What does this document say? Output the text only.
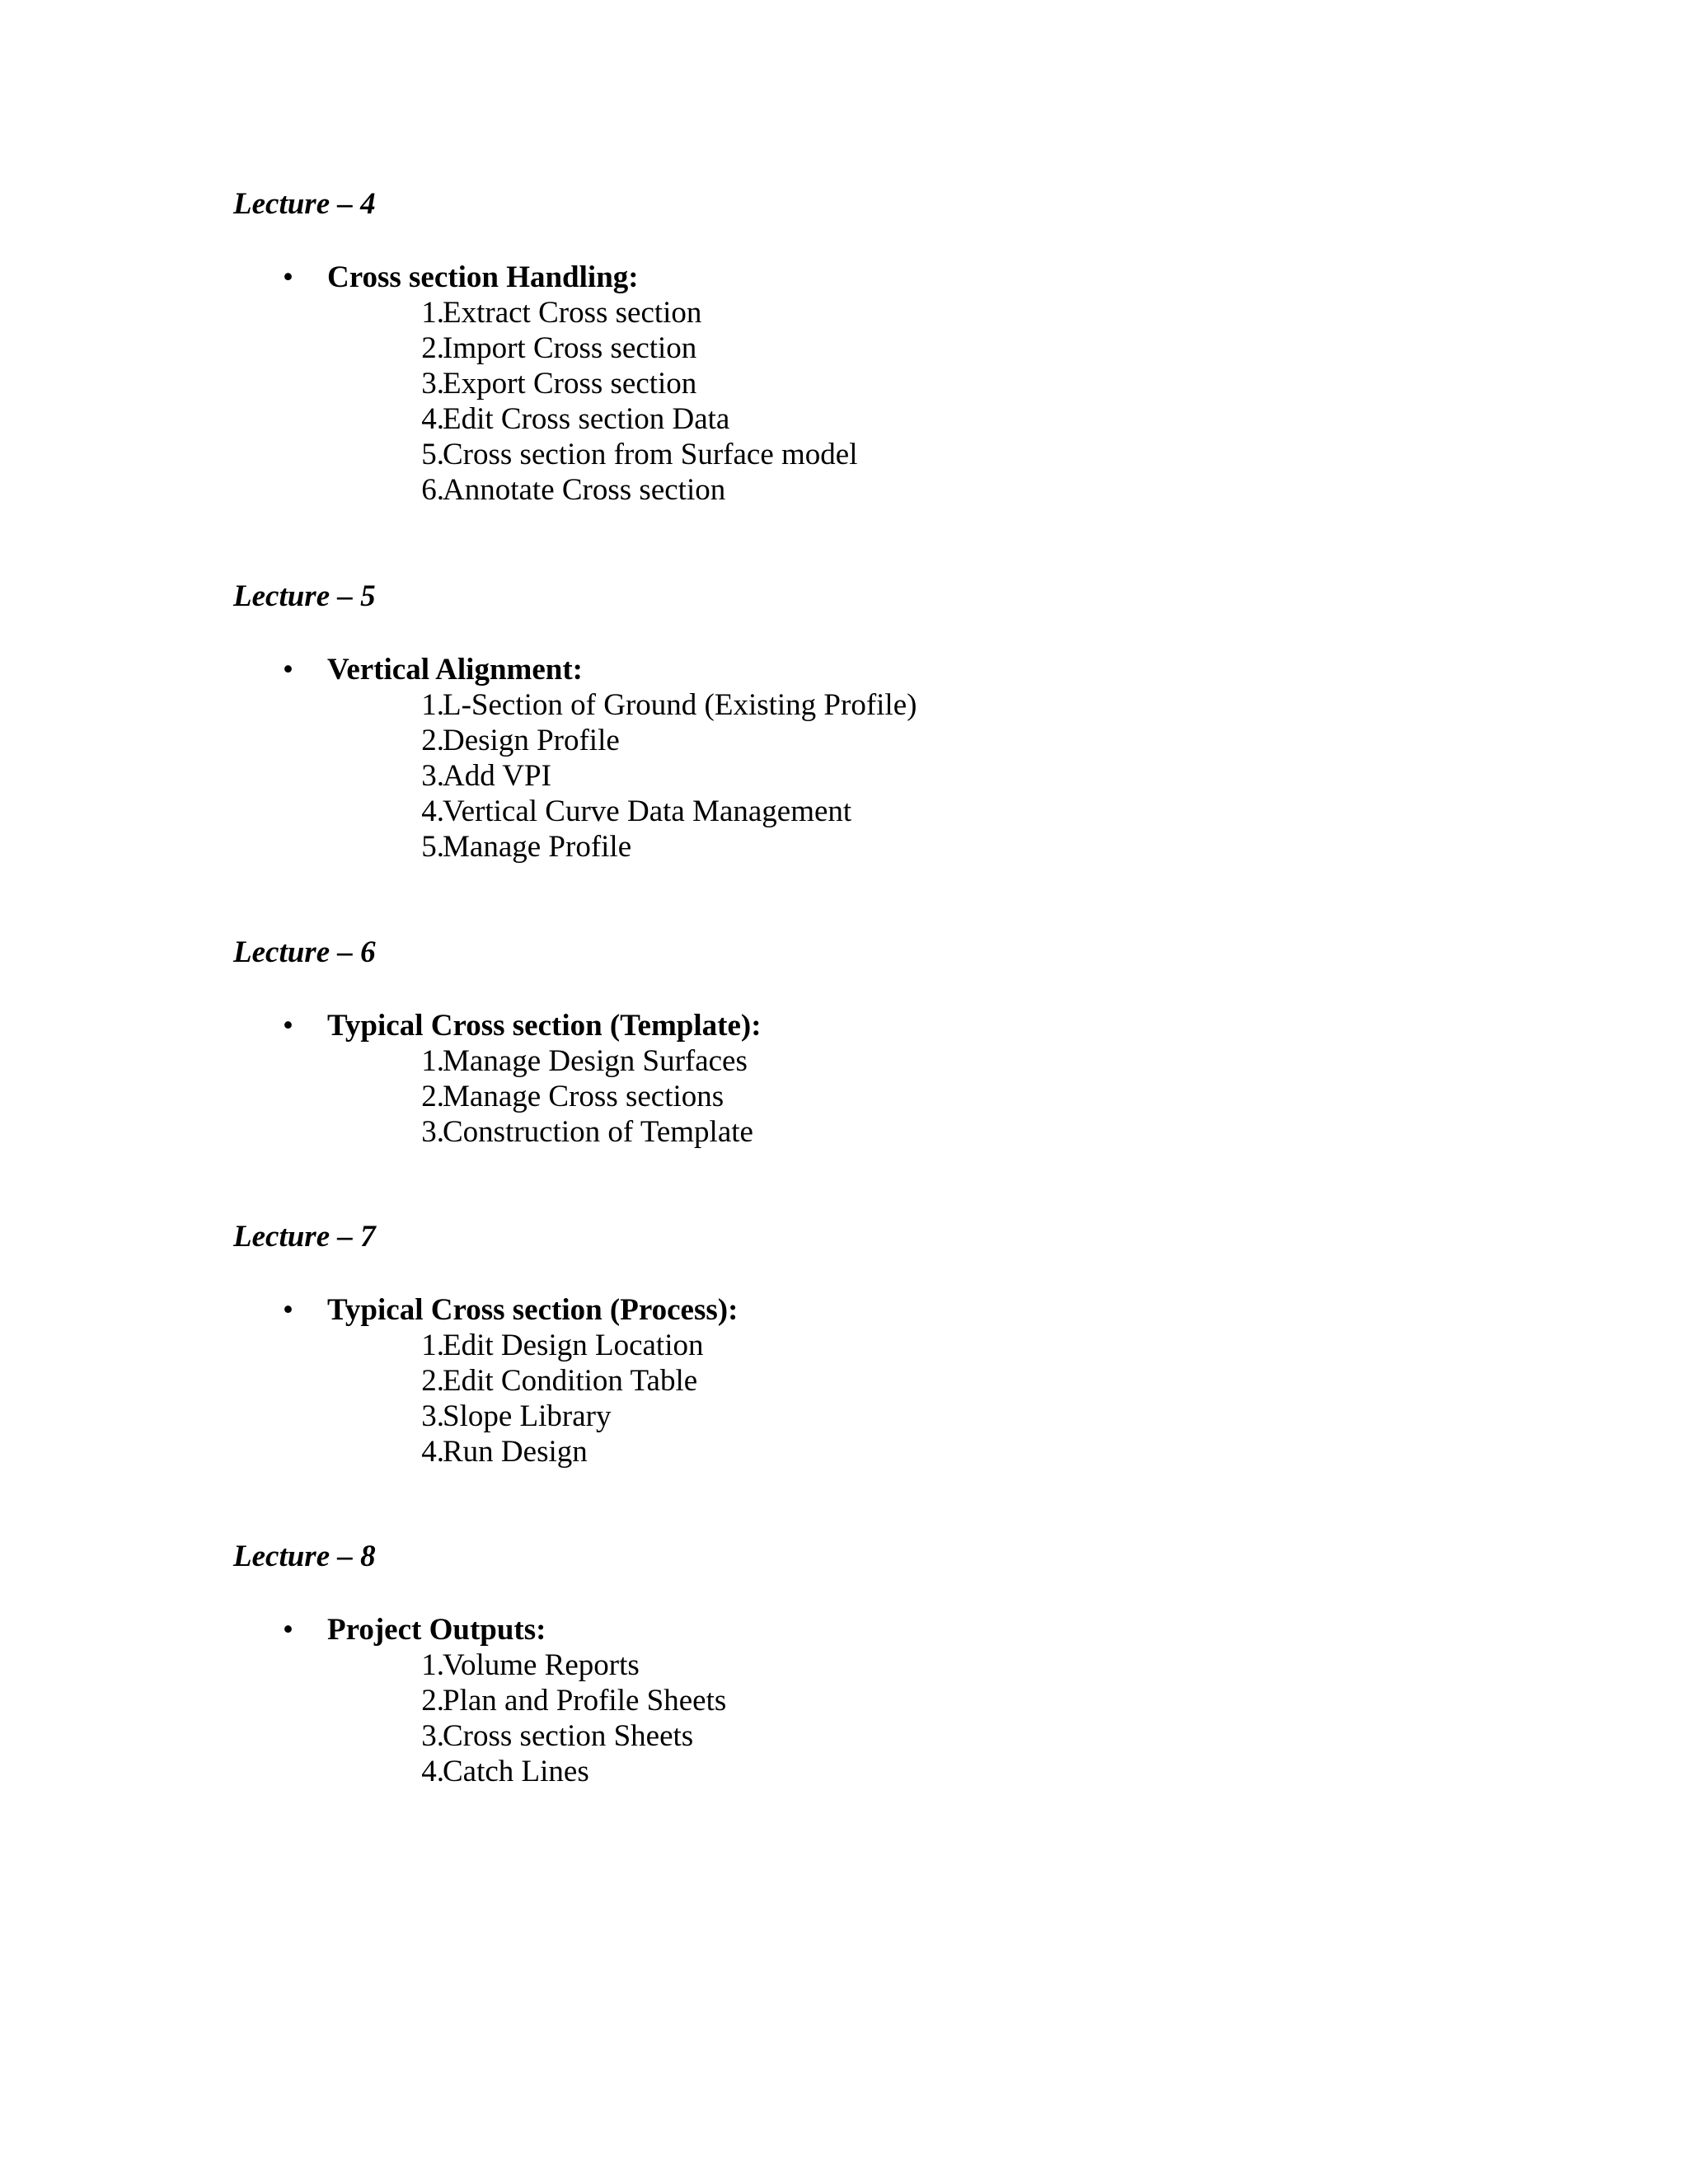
Lecture – 4
• Cross section Handling:
1.
Extract Cross section
2.
Import Cross section
3.
Export Cross section
4.
Edit Cross section Data
5.
Cross section from Surface model
6.
Annotate Cross section
Lecture – 5
• Vertical Alignment:
1.
L-Section of Ground (Existing Profile)
2.
Design Profile
3.
Add VPI
4.
Vertical Curve Data Management
5.
Manage Profile
Lecture – 6
• Typical Cross section (Template):
1.
Manage Design Surfaces
2.
Manage Cross sections
3.
Construction of Template
Lecture – 7
• Typical Cross section (Process):
1.
Edit Design Location
2.
Edit Condition Table
3.
Slope Library
4.
Run Design
Lecture – 8
• Project Outputs:
1.
Volume Reports
2.
Plan and Profile Sheets
3.
Cross section Sheets
4.
Catch Lines
